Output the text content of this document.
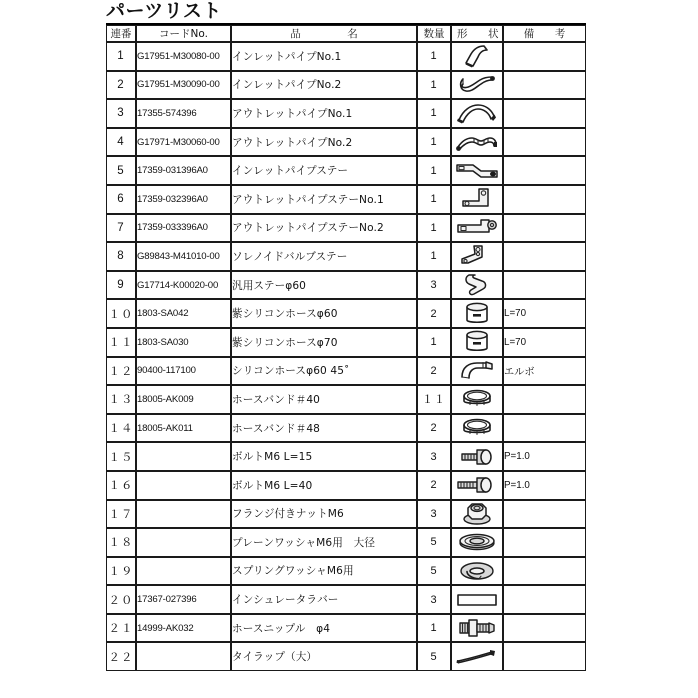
パーツリスト
連番	コードNo.	品　名	数量	形　状	備　考
1	G17951-M30080-00	インレットパイプNo.1	1	

2	G17951-M30090-00	インレットパイプNo.2	1	

3	17355-574396	アウトレットパイプNo.1	1	

4	G17971-M30060-00	アウトレットパイプNo.2	1	

5	17359-031396A0	インレットパイプステー	1	

6	17359-032396A0	アウトレットパイプステーNo.1	1	

7	17359-033396A0	アウトレットパイプステーNo.2	1	

8	G89843-M41010-00	ソレノイドバルブステー	1	

9	G17714-K00020-00	汎用ステーφ60	3	

１０	1803-SA042	紫シリコンホースφ60	2		L=70
１１	1803-SA030	紫シリコンホースφ70	1		L=70
１２	90400-117100	シリコンホースφ60 45˚	2		エルボ
１３	18005-AK009	ホースバンド＃40	１１	

１４	18005-AK011	ホースバンド＃48	2	

１５		ボルトM6 L=15	3		P=1.0
１６		ボルトM6 L=40	2		P=1.0
１７		フランジ付きナットM6	3	

１８		プレーンワッシャM6用　大径	5	

１９		スプリングワッシャM6用	5	

２０	17367-027396	インシュレータラバー	3	

２１	14999-AK032	ホースニップル　φ4	1	

２２		タイラップ（大）	5	
